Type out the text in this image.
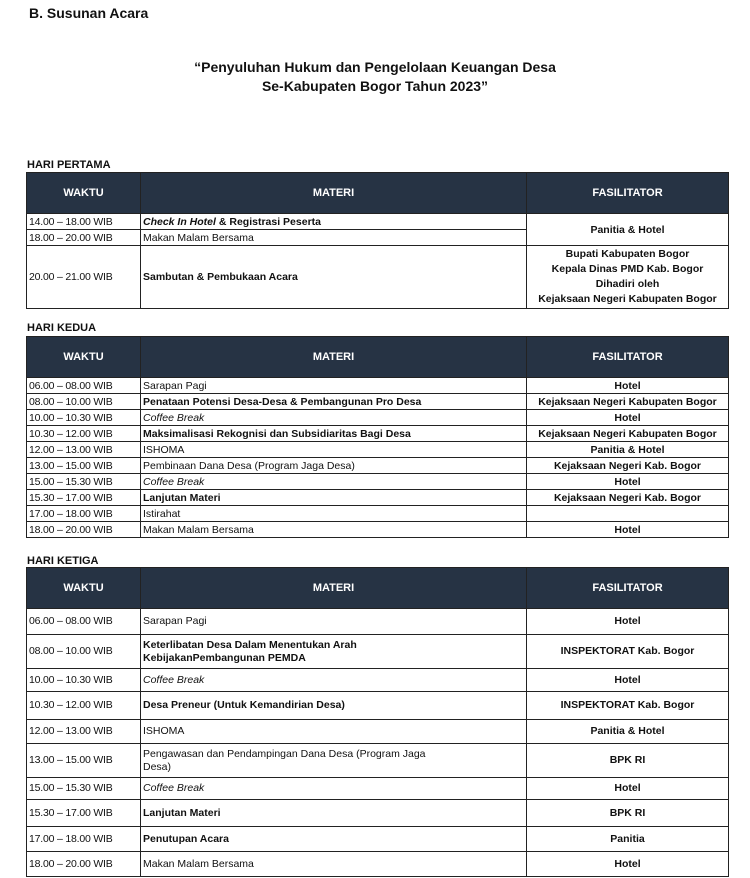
B. Susunan Acara
“Penyuluhan Hukum dan Pengelolaan Keuangan Desa
Se-Kabupaten Bogor Tahun 2023”
HARI PERTAMA
WAKTU	MATERI	FASILITATOR
14.00 – 18.00 WIB	Check In Hotel & Registrasi Peserta	Panitia & Hotel
18.00 – 20.00 WIB	Makan Malam Bersama	
20.00 – 21.00 WIB	Sambutan & Pembukaan Acara	Bupati Kabupaten Bogor
Kepala Dinas PMD Kab. Bogor
Dihadiri oleh
Kejaksaan Negeri Kabupaten Bogor
HARI KEDUA
WAKTU	MATERI	FASILITATOR
06.00 – 08.00 WIB	Sarapan Pagi	Hotel
08.00 – 10.00 WIB	Penataan Potensi Desa-Desa & Pembangunan Pro Desa	Kejaksaan Negeri Kabupaten Bogor
10.00 – 10.30 WIB	Coffee Break	Hotel
10.30 – 12.00 WIB	Maksimalisasi Rekognisi dan Subsidiaritas Bagi Desa	Kejaksaan Negeri Kabupaten Bogor
12.00 – 13.00 WIB	ISHOMA	Panitia & Hotel
13.00 – 15.00 WIB	Pembinaan Dana Desa (Program Jaga Desa)	Kejaksaan Negeri Kab. Bogor
15.00 – 15.30 WIB	Coffee Break	Hotel
15.30 – 17.00 WIB	Lanjutan Materi	Kejaksaan Negeri Kab. Bogor
17.00 – 18.00 WIB	Istirahat	
18.00 – 20.00 WIB	Makan Malam Bersama	Hotel
HARI KETIGA
WAKTU	MATERI	FASILITATOR
06.00 – 08.00 WIB	Sarapan Pagi	Hotel
08.00 – 10.00 WIB	Keterlibatan Desa Dalam Menentukan Arah
KebijakanPembangunan PEMDA	INSPEKTORAT Kab. Bogor
10.00 – 10.30 WIB	Coffee Break	Hotel
10.30 – 12.00 WIB	Desa Preneur (Untuk Kemandirian Desa)	INSPEKTORAT Kab. Bogor
12.00 – 13.00 WIB	ISHOMA	Panitia & Hotel
13.00 – 15.00 WIB	Pengawasan dan Pendampingan Dana Desa (Program Jaga
Desa)	BPK RI
15.00 – 15.30 WIB	Coffee Break	Hotel
15.30 – 17.00 WIB	Lanjutan Materi	BPK RI
17.00 – 18.00 WIB	Penutupan Acara	Panitia
18.00 – 20.00 WIB	Makan Malam Bersama	Hotel
